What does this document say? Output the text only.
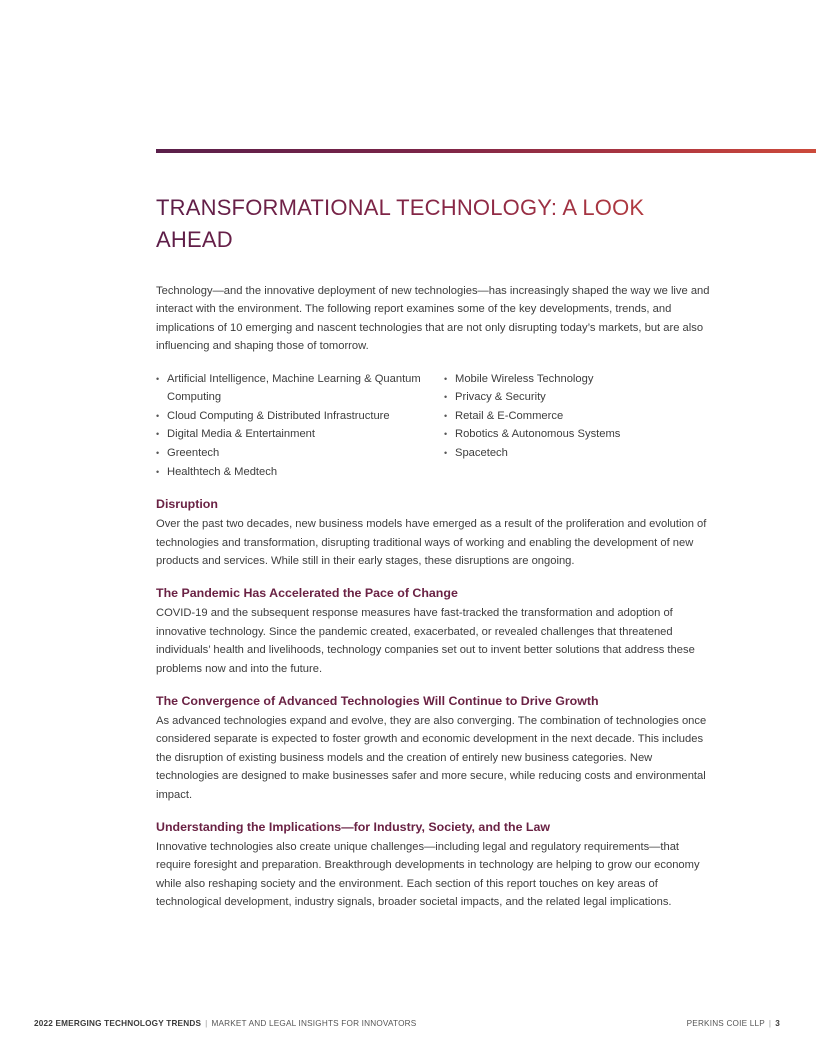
TRANSFORMATIONAL TECHNOLOGY: A LOOK AHEAD

Technology—and the innovative deployment of new technologies—has increasingly shaped the way we live and interact with the environment. The following report examines some of the key developments, trends, and implications of 10 emerging and nascent technologies that are not only disrupting today’s markets, but are also influencing and shaping those of tomorrow.

• Artificial Intelligence, Machine Learning & Quantum Computing
• Cloud Computing & Distributed Infrastructure
• Digital Media & Entertainment
• Greentech
• Healthtech & Medtech
• Mobile Wireless Technology
• Privacy & Security
• Retail & E-Commerce
• Robotics & Autonomous Systems
• Spacetech
Disruption

Over the past two decades, new business models have emerged as a result of the proliferation and evolution of technologies and transformation, disrupting traditional ways of working and enabling the development of new products and services. While still in their early stages, these disruptions are ongoing.

The Pandemic Has Accelerated the Pace of Change

COVID-19 and the subsequent response measures have fast-tracked the transformation and adoption of innovative technology. Since the pandemic created, exacerbated, or revealed challenges that threatened individuals’ health and livelihoods, technology companies set out to invent better solutions that address these problems now and into the future.

The Convergence of Advanced Technologies Will Continue to Drive Growth

As advanced technologies expand and evolve, they are also converging. The combination of technologies once considered separate is expected to foster growth and economic development in the next decade. This includes the disruption of existing business models and the creation of entirely new business categories. New technologies are designed to make businesses safer and more secure, while reducing costs and environmental impact.

Understanding the Implications—for Industry, Society, and the Law

Innovative technologies also create unique challenges—including legal and regulatory requirements—that require foresight and preparation. Breakthrough developments in technology are helping to grow our economy while also reshaping society and the environment. Each section of this report touches on key areas of technological development, industry signals, broader societal impacts, and the related legal implications.

2022 EMERGING TECHNOLOGY TRENDS | MARKET AND LEGAL INSIGHTS FOR INNOVATORS	PERKINS COIE LLP | 3
